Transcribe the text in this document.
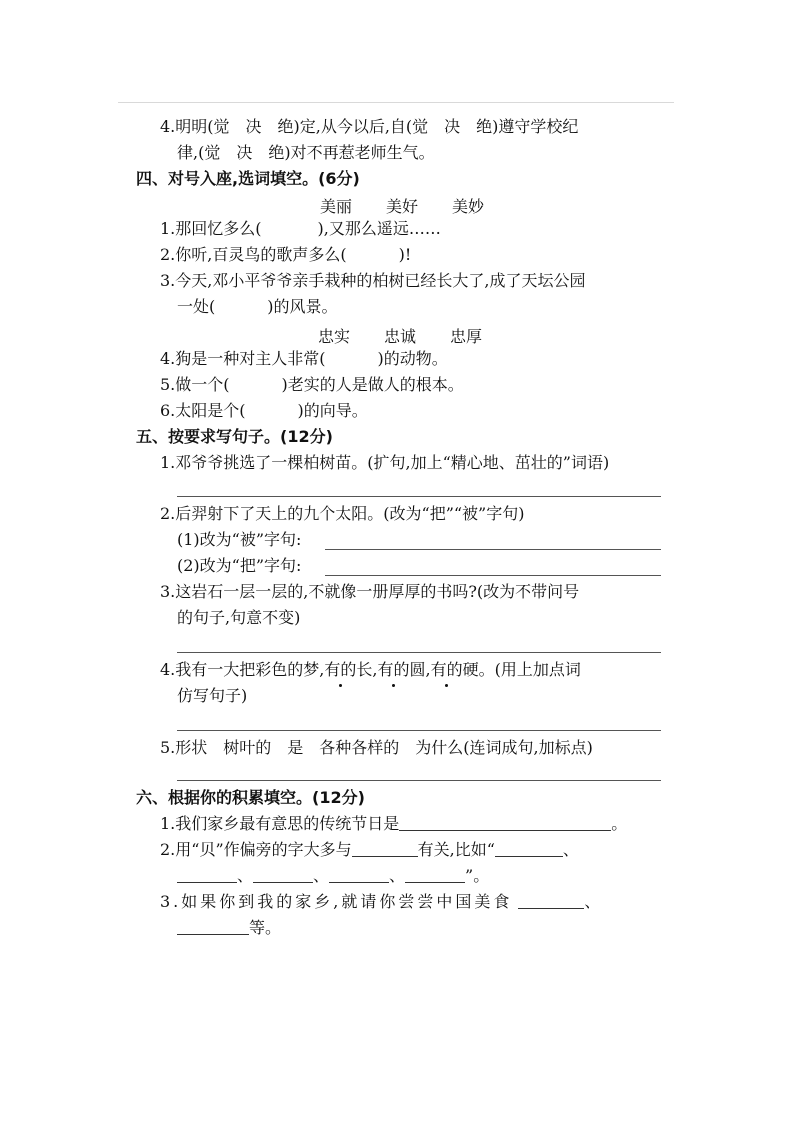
4.明明(觉　决　绝)定,从今以后,自(觉　决　绝)遵守学校纪
律,(觉　决　绝)对不再惹老师生气。
四、对号入座,选词填空。(6分)
美丽 美好 美妙
1.那回忆多么(	),又那么遥远……
2.你听,百灵鸟的歌声多么(	)!
3.今天,邓小平爷爷亲手栽种的柏树已经长大了,成了天坛公园
一处(	)的风景。
忠实 忠诚 忠厚
4.狗是一种对主人非常(	)的动物。
5.做一个(	)老实的人是做人的根本。
6.太阳是个(	)的向导。
五、按要求写句子。(12分)
1.邓爷爷挑选了一棵柏树苗。(扩句,加上“精心地、茁壮的”词语)
2.后羿射下了天上的九个太阳。(改为“把”“被”字句)
(1)改为“被”字句:
(2)改为“把”字句:
3.这岩石一层一层的,不就像一册厚厚的书吗?(改为不带问号
的句子,句意不变)
4.我有一大把彩色的梦,有的长,有的圆,有的硬。(用上加点词
仿写句子)
5.形状　树叶的　是　各种各样的　为什么(连词成句,加标点)
六、根据你的积累填空。(12分)
1.我们家乡最有意思的传统节日是	。
2.用“贝”作偏旁的字大多与	有关,比如“	、
、	、	、	”。
3.如果你到我的家乡,就请你尝尝中国美食	、
等。
